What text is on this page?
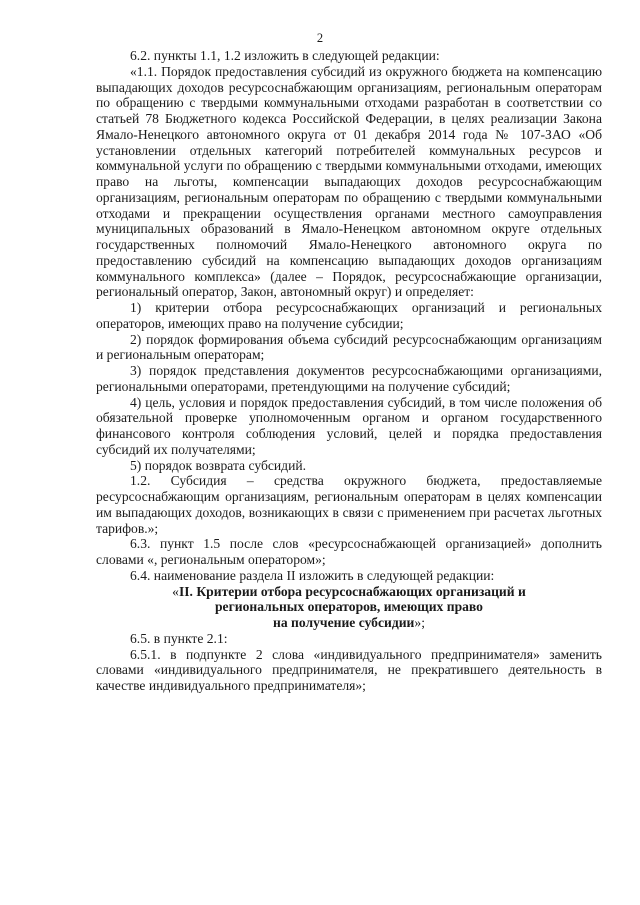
2

6.2. пункты 1.1, 1.2 изложить в следующей редакции:

«1.1. Порядок предоставления субсидий из окружного бюджета на компенсацию выпадающих доходов ресурсоснабжающим организациям, региональным операторам по обращению с твердыми коммунальными отходами разработан в соответствии со статьей 78 Бюджетного кодекса Российской Федерации, в целях реализации Закона Ямало-Ненецкого автономного округа от 01 декабря 2014 года № 107-ЗАО «Об установлении отдельных категорий потребителей коммунальных ресурсов и коммунальной услуги по обращению с твердыми коммунальными отходами, имеющих право на льготы, компенсации выпадающих доходов ресурсоснабжающим организациям, региональным операторам по обращению с твердыми коммунальными отходами и прекращении осуществления органами местного самоуправления муниципальных образований в Ямало-Ненецком автономном округе отдельных государственных полномочий Ямало-Ненецкого автономного округа по предоставлению субсидий на компенсацию выпадающих доходов организациям коммунального комплекса» (далее – Порядок, ресурсоснабжающие организации, региональный оператор, Закон, автономный округ) и определяет:

1) критерии отбора ресурсоснабжающих организаций и региональных операторов, имеющих право на получение субсидии;

2) порядок формирования объема субсидий ресурсоснабжающим организациям и региональным операторам;

3) порядок представления документов ресурсоснабжающими организациями, региональными операторами, претендующими на получение субсидий;

4) цель, условия и порядок предоставления субсидий, в том числе положения об обязательной проверке уполномоченным органом и органом государственного финансового контроля соблюдения условий, целей и порядка предоставления субсидий их получателями;

5) порядок возврата субсидий.

1.2. Субсидия – средства окружного бюджета, предоставляемые ресурсоснабжающим организациям, региональным операторам в целях компенсации им выпадающих доходов, возникающих в связи с применением при расчетах льготных тарифов.»;

6.3. пункт 1.5 после слов «ресурсоснабжающей организацией» дополнить словами «, региональным оператором»;

6.4. наименование раздела II изложить в следующей редакции:

«II. Критерии отбора ресурсоснабжающих организаций и
региональных операторов, имеющих право
на получение субсидии»;

6.5. в пункте 2.1:

6.5.1. в подпункте 2 слова «индивидуального предпринимателя» заменить словами «индивидуального предпринимателя, не прекратившего деятельность в качестве индивидуального предпринимателя»;
